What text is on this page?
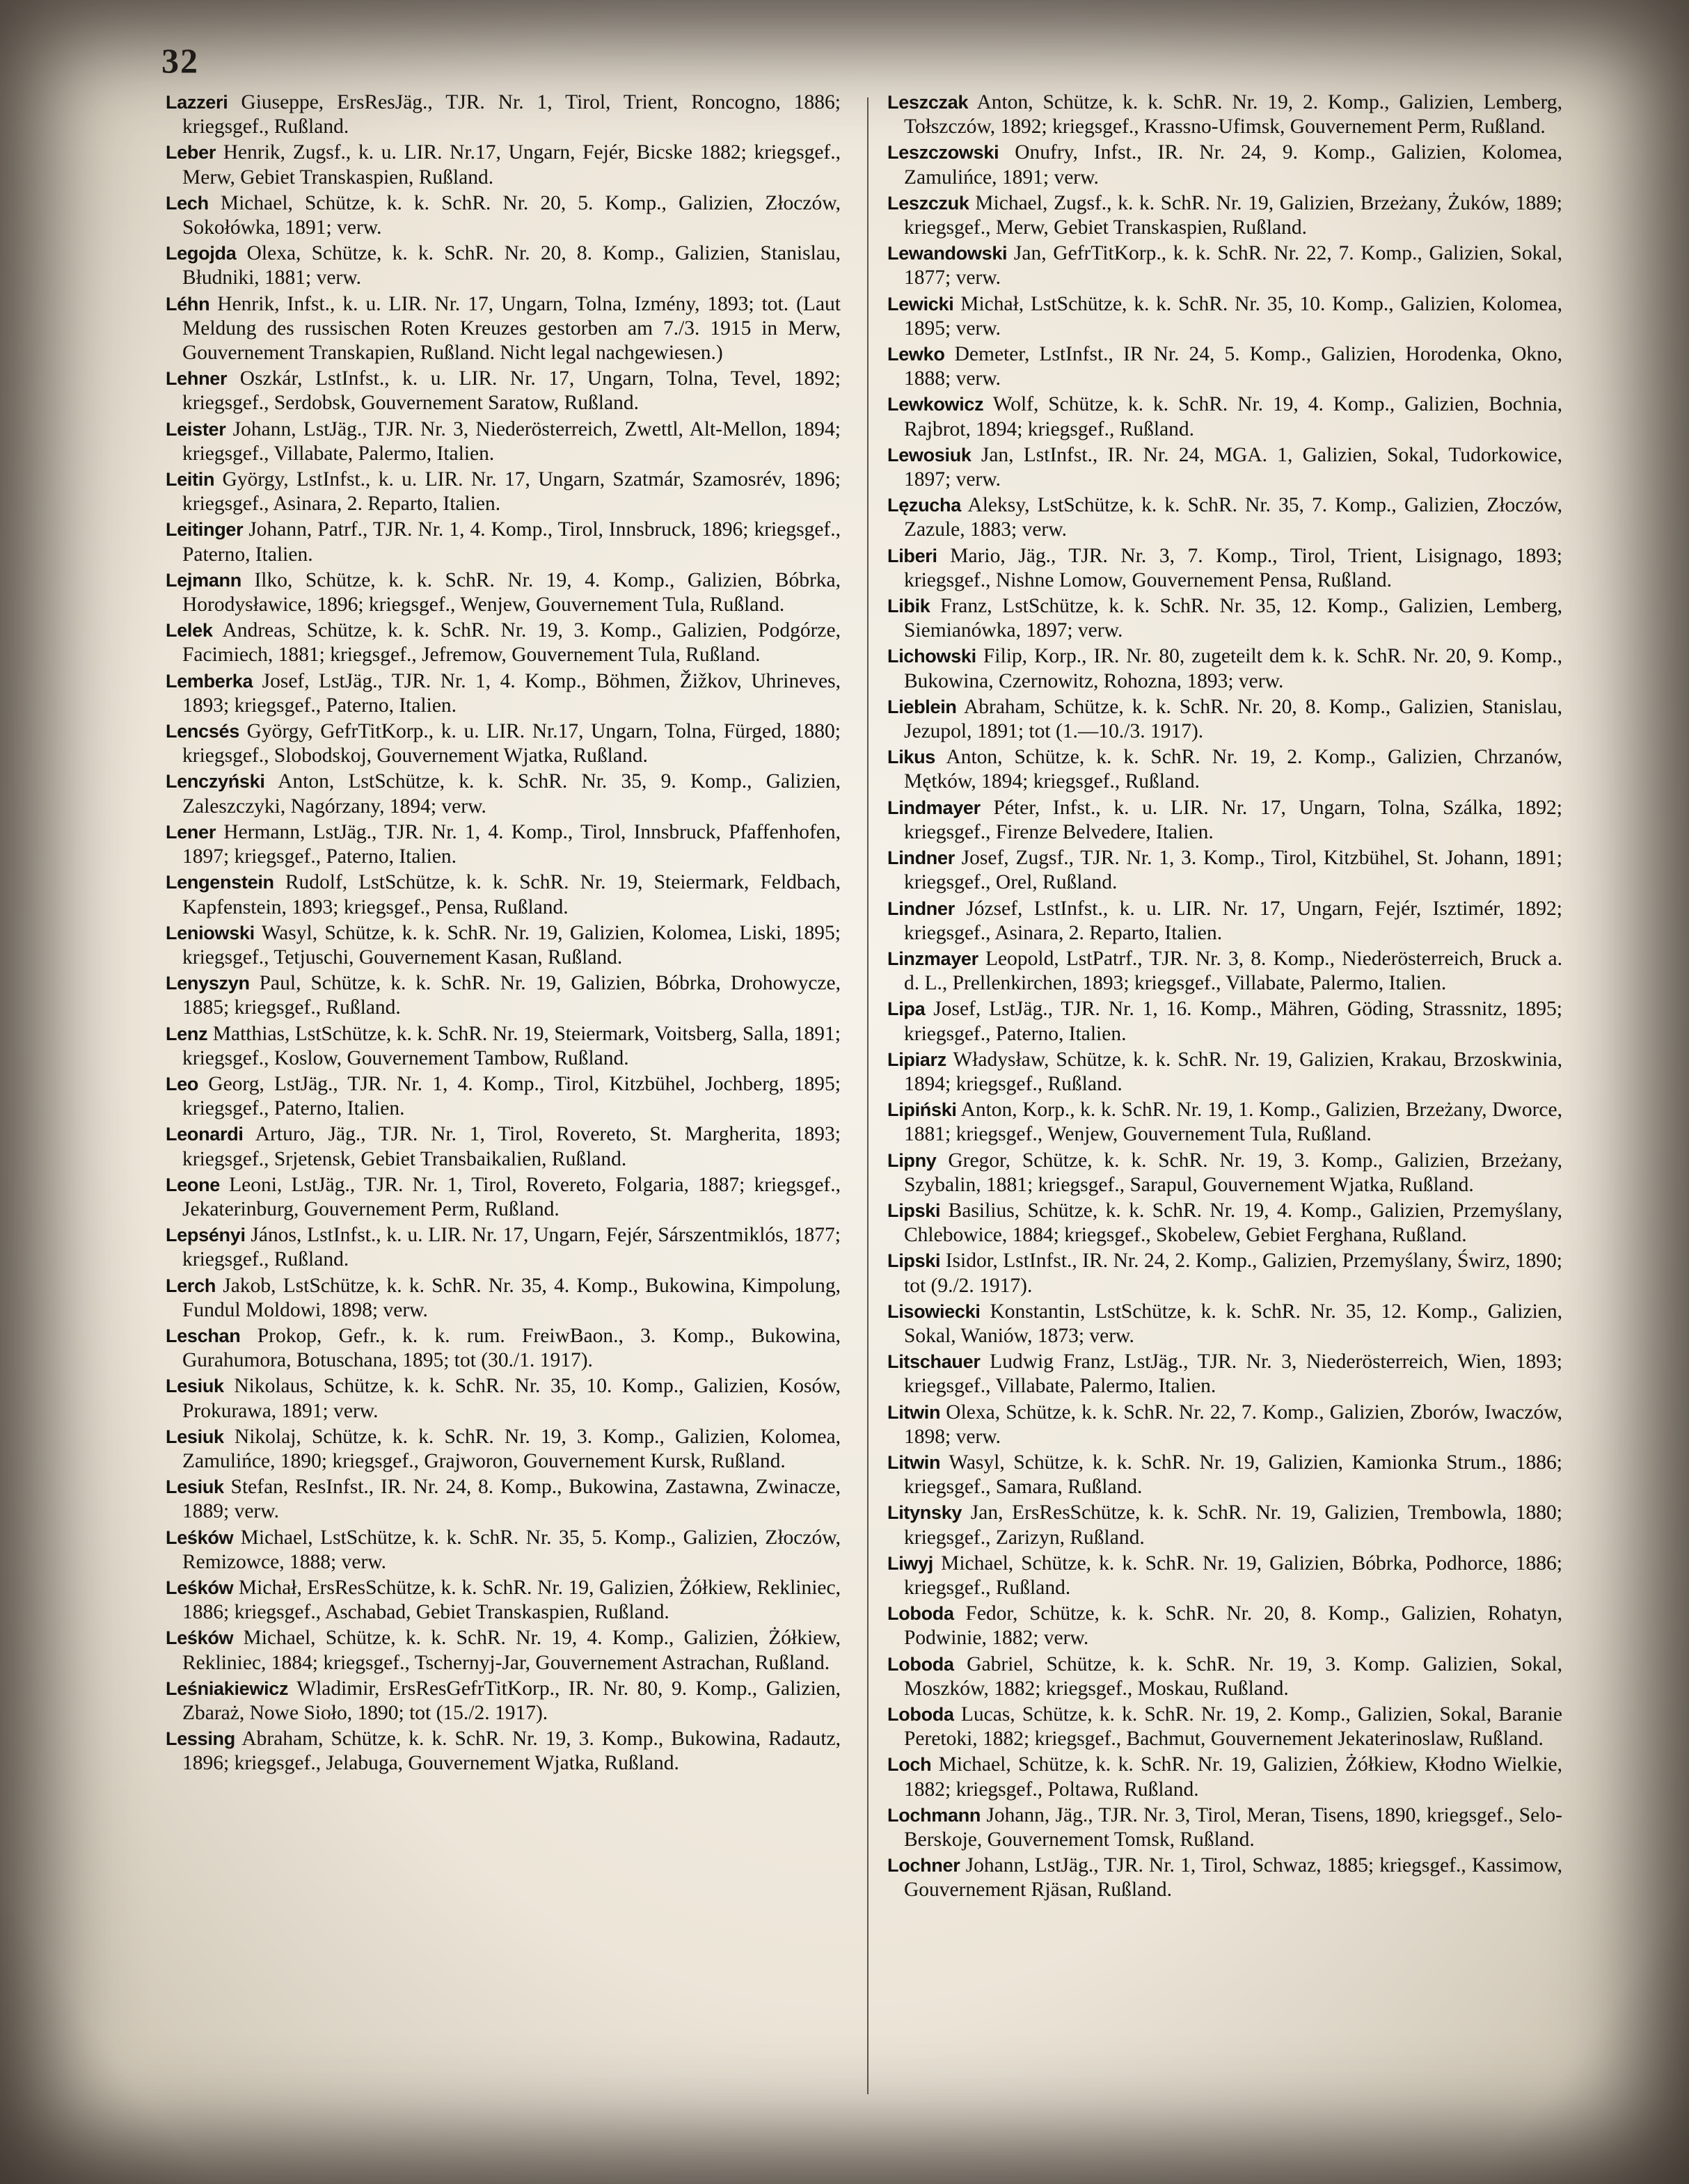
32

Lazzeri Giuseppe, ErsResJäg., TJR. Nr. 1, Tirol, Trient, Roncogno, 1886; kriegsgef., Rußland.

Leber Henrik, Zugsf., k. u. LIR. Nr.17, Ungarn, Fejér, Bicske 1882; kriegsgef., Merw, Gebiet Transkaspien, Rußland.

Lech Michael, Schütze, k. k. SchR. Nr. 20, 5. Komp., Galizien, Złoczów, Sokołówka, 1891; verw.

Legojda Olexa, Schütze, k. k. SchR. Nr. 20, 8. Komp., Galizien, Stanislau, Błudniki, 1881; verw.

Léhn Henrik, Infst., k. u. LIR. Nr. 17, Ungarn, Tolna, Izmény, 1893; tot. (Laut Meldung des russischen Roten Kreuzes gestorben am 7./3. 1915 in Merw, Gouvernement Transkapien, Rußland. Nicht legal nachgewiesen.)

Lehner Oszkár, LstInfst., k. u. LIR. Nr. 17, Ungarn, Tolna, Tevel, 1892; kriegsgef., Serdobsk, Gouvernement Saratow, Rußland.

Leister Johann, LstJäg., TJR. Nr. 3, Niederösterreich, Zwettl, Alt-Mellon, 1894; kriegsgef., Villabate, Palermo, Italien.

Leitin György, LstInfst., k. u. LIR. Nr. 17, Ungarn, Szatmár, Szamosrév, 1896; kriegsgef., Asinara, 2. Reparto, Italien.

Leitinger Johann, Patrf., TJR. Nr. 1, 4. Komp., Tirol, Innsbruck, 1896; kriegsgef., Paterno, Italien.

Lejmann Ilko, Schütze, k. k. SchR. Nr. 19, 4. Komp., Galizien, Bóbrka, Horodysławice, 1896; kriegsgef., Wenjew, Gouvernement Tula, Rußland.

Lelek Andreas, Schütze, k. k. SchR. Nr. 19, 3. Komp., Galizien, Podgórze, Facimiech, 1881; kriegsgef., Jefremow, Gouvernement Tula, Rußland.

Lemberka Josef, LstJäg., TJR. Nr. 1, 4. Komp., Böhmen, Žižkov, Uhrineves, 1893; kriegsgef., Paterno, Italien.

Lencsés György, GefrTitKorp., k. u. LIR. Nr.17, Ungarn, Tolna, Fürged, 1880; kriegsgef., Slobodskoj, Gouvernement Wjatka, Rußland.

Lenczyński Anton, LstSchütze, k. k. SchR. Nr. 35, 9. Komp., Galizien, Zaleszczyki, Nagórzany, 1894; verw.

Lener Hermann, LstJäg., TJR. Nr. 1, 4. Komp., Tirol, Innsbruck, Pfaffenhofen, 1897; kriegsgef., Paterno, Italien.

Lengenstein Rudolf, LstSchütze, k. k. SchR. Nr. 19, Steiermark, Feldbach, Kapfenstein, 1893; kriegsgef., Pensa, Rußland.

Leniowski Wasyl, Schütze, k. k. SchR. Nr. 19, Galizien, Kolomea, Liski, 1895; kriegsgef., Tetjuschi, Gouvernement Kasan, Rußland.

Lenyszyn Paul, Schütze, k. k. SchR. Nr. 19, Galizien, Bóbrka, Drohowycze, 1885; kriegsgef., Rußland.

Lenz Matthias, LstSchütze, k. k. SchR. Nr. 19, Steiermark, Voitsberg, Salla, 1891; kriegsgef., Koslow, Gouvernement Tambow, Rußland.

Leo Georg, LstJäg., TJR. Nr. 1, 4. Komp., Tirol, Kitzbühel, Jochberg, 1895; kriegsgef., Paterno, Italien.

Leonardi Arturo, Jäg., TJR. Nr. 1, Tirol, Rovereto, St. Margherita, 1893; kriegsgef., Srjetensk, Gebiet Transbaikalien, Rußland.

Leone Leoni, LstJäg., TJR. Nr. 1, Tirol, Rovereto, Folgaria, 1887; kriegsgef., Jekaterinburg, Gouvernement Perm, Rußland.

Lepsényi János, LstInfst., k. u. LIR. Nr. 17, Ungarn, Fejér, Sárszentmiklós, 1877; kriegsgef., Rußland.

Lerch Jakob, LstSchütze, k. k. SchR. Nr. 35, 4. Komp., Bukowina, Kimpolung, Fundul Moldowi, 1898; verw.

Leschan Prokop, Gefr., k. k. rum. FreiwBaon., 3. Komp., Bukowina, Gurahumora, Botuschana, 1895; tot (30./1. 1917).

Lesiuk Nikolaus, Schütze, k. k. SchR. Nr. 35, 10. Komp., Galizien, Kosów, Prokurawa, 1891; verw.

Lesiuk Nikolaj, Schütze, k. k. SchR. Nr. 19, 3. Komp., Galizien, Kolomea, Zamulińce, 1890; kriegsgef., Grajworon, Gouvernement Kursk, Rußland.

Lesiuk Stefan, ResInfst., IR. Nr. 24, 8. Komp., Bukowina, Zastawna, Zwinacze, 1889; verw.

Leśków Michael, LstSchütze, k. k. SchR. Nr. 35, 5. Komp., Galizien, Złoczów, Remizowce, 1888; verw.

Leśków Michał, ErsResSchütze, k. k. SchR. Nr. 19, Galizien, Żółkiew, Rekliniec, 1886; kriegsgef., Aschabad, Gebiet Transkaspien, Rußland.

Leśków Michael, Schütze, k. k. SchR. Nr. 19, 4. Komp., Galizien, Żółkiew, Rekliniec, 1884; kriegsgef., Tschernyj-Jar, Gouvernement Astrachan, Rußland.

Leśniakiewicz Wladimir, ErsResGefrTitKorp., IR. Nr. 80, 9. Komp., Galizien, Zbaraż, Nowe Sioło, 1890; tot (15./2. 1917).

Lessing Abraham, Schütze, k. k. SchR. Nr. 19, 3. Komp., Bukowina, Radautz, 1896; kriegsgef., Jelabuga, Gouvernement Wjatka, Rußland.

Leszczak Anton, Schütze, k. k. SchR. Nr. 19, 2. Komp., Galizien, Lemberg, Tołszczów, 1892; kriegsgef., Krassno-Ufimsk, Gouvernement Perm, Rußland.

Leszczowski Onufry, Infst., IR. Nr. 24, 9. Komp., Galizien, Kolomea, Zamulińce, 1891; verw.

Leszczuk Michael, Zugsf., k. k. SchR. Nr. 19, Galizien, Brzeżany, Żuków, 1889; kriegsgef., Merw, Gebiet Transkaspien, Rußland.

Lewandowski Jan, GefrTitKorp., k. k. SchR. Nr. 22, 7. Komp., Galizien, Sokal, 1877; verw.

Lewicki Michał, LstSchütze, k. k. SchR. Nr. 35, 10. Komp., Galizien, Kolomea, 1895; verw.

Lewko Demeter, LstInfst., IR Nr. 24, 5. Komp., Galizien, Horodenka, Okno, 1888; verw.

Lewkowicz Wolf, Schütze, k. k. SchR. Nr. 19, 4. Komp., Galizien, Bochnia, Rajbrot, 1894; kriegsgef., Rußland.

Lewosiuk Jan, LstInfst., IR. Nr. 24, MGA. 1, Galizien, Sokal, Tudorkowice, 1897; verw.

Lęzucha Aleksy, LstSchütze, k. k. SchR. Nr. 35, 7. Komp., Galizien, Złoczów, Zazule, 1883; verw.

Liberi Mario, Jäg., TJR. Nr. 3, 7. Komp., Tirol, Trient, Lisignago, 1893; kriegsgef., Nishne Lomow, Gouvernement Pensa, Rußland.

Libik Franz, LstSchütze, k. k. SchR. Nr. 35, 12. Komp., Galizien, Lemberg, Siemianówka, 1897; verw.

Lichowski Filip, Korp., IR. Nr. 80, zugeteilt dem k. k. SchR. Nr. 20, 9. Komp., Bukowina, Czernowitz, Rohozna, 1893; verw.

Lieblein Abraham, Schütze, k. k. SchR. Nr. 20, 8. Komp., Galizien, Stanislau, Jezupol, 1891; tot (1.—10./3. 1917).

Likus Anton, Schütze, k. k. SchR. Nr. 19, 2. Komp., Galizien, Chrzanów, Mętków, 1894; kriegsgef., Rußland.

Lindmayer Péter, Infst., k. u. LIR. Nr. 17, Ungarn, Tolna, Szálka, 1892; kriegsgef., Firenze Belvedere, Italien.

Lindner Josef, Zugsf., TJR. Nr. 1, 3. Komp., Tirol, Kitzbühel, St. Johann, 1891; kriegsgef., Orel, Rußland.

Lindner József, LstInfst., k. u. LIR. Nr. 17, Ungarn, Fejér, Isztimér, 1892; kriegsgef., Asinara, 2. Reparto, Italien.

Linzmayer Leopold, LstPatrf., TJR. Nr. 3, 8. Komp., Niederösterreich, Bruck a. d. L., Prellenkirchen, 1893; kriegsgef., Villabate, Palermo, Italien.

Lipa Josef, LstJäg., TJR. Nr. 1, 16. Komp., Mähren, Göding, Strassnitz, 1895; kriegsgef., Paterno, Italien.

Lipiarz Władysław, Schütze, k. k. SchR. Nr. 19, Galizien, Krakau, Brzoskwinia, 1894; kriegsgef., Rußland.

Lipiński Anton, Korp., k. k. SchR. Nr. 19, 1. Komp., Galizien, Brzeżany, Dworce, 1881; kriegsgef., Wenjew, Gouvernement Tula, Rußland.

Lipny Gregor, Schütze, k. k. SchR. Nr. 19, 3. Komp., Galizien, Brzeżany, Szybalin, 1881; kriegsgef., Sarapul, Gouvernement Wjatka, Rußland.

Lipski Basilius, Schütze, k. k. SchR. Nr. 19, 4. Komp., Galizien, Przemyślany, Chlebowice, 1884; kriegsgef., Skobelew, Gebiet Ferghana, Rußland.

Lipski Isidor, LstInfst., IR. Nr. 24, 2. Komp., Galizien, Przemyślany, Świrz, 1890; tot (9./2. 1917).

Lisowiecki Konstantin, LstSchütze, k. k. SchR. Nr. 35, 12. Komp., Galizien, Sokal, Waniów, 1873; verw.

Litschauer Ludwig Franz, LstJäg., TJR. Nr. 3, Niederösterreich, Wien, 1893; kriegsgef., Villabate, Palermo, Italien.

Litwin Olexa, Schütze, k. k. SchR. Nr. 22, 7. Komp., Galizien, Zborów, Iwaczów, 1898; verw.

Litwin Wasyl, Schütze, k. k. SchR. Nr. 19, Galizien, Kamionka Strum., 1886; kriegsgef., Samara, Rußland.

Litynsky Jan, ErsResSchütze, k. k. SchR. Nr. 19, Galizien, Trembowla, 1880; kriegsgef., Zarizyn, Rußland.

Liwyj Michael, Schütze, k. k. SchR. Nr. 19, Galizien, Bóbrka, Podhorce, 1886; kriegsgef., Rußland.

Loboda Fedor, Schütze, k. k. SchR. Nr. 20, 8. Komp., Galizien, Rohatyn, Podwinie, 1882; verw.

Loboda Gabriel, Schütze, k. k. SchR. Nr. 19, 3. Komp. Galizien, Sokal, Moszków, 1882; kriegsgef., Moskau, Rußland.

Loboda Lucas, Schütze, k. k. SchR. Nr. 19, 2. Komp., Galizien, Sokal, Baranie Peretoki, 1882; kriegsgef., Bachmut, Gouvernement Jekaterinoslaw, Rußland.

Loch Michael, Schütze, k. k. SchR. Nr. 19, Galizien, Żółkiew, Kłodno Wielkie, 1882; kriegsgef., Poltawa, Rußland.

Lochmann Johann, Jäg., TJR. Nr. 3, Tirol, Meran, Tisens, 1890, kriegsgef., Selo-Berskoje, Gouvernement Tomsk, Rußland.

Lochner Johann, LstJäg., TJR. Nr. 1, Tirol, Schwaz, 1885; kriegsgef., Kassimow, Gouvernement Rjäsan, Rußland.
